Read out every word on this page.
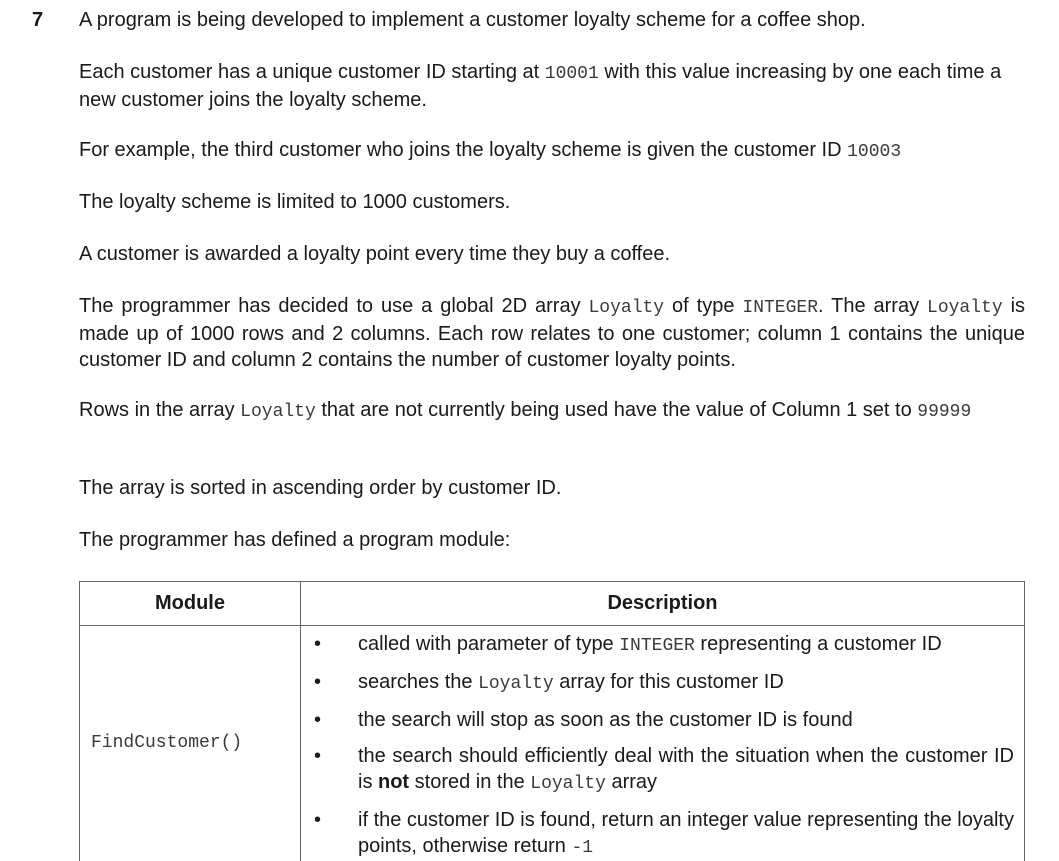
7 A program is being developed to implement a customer loyalty scheme for a coffee shop.

Each customer has a unique customer ID starting at 10001 with this value increasing by one each time a new customer joins the loyalty scheme.

For example, the third customer who joins the loyalty scheme is given the customer ID 10003

The loyalty scheme is limited to 1000 customers.

A customer is awarded a loyalty point every time they buy a coffee.

The programmer has decided to use a global 2D array Loyalty of type INTEGER. The array Loyalty is made up of 1000 rows and 2 columns. Each row relates to one customer; column 1 contains the unique customer ID and column 2 contains the number of customer loyalty points.

Rows in the array Loyalty that are not currently being used have the value of Column 1 set to 99999

The array is sorted in ascending order by customer ID.

The programmer has defined a program module:

Module	Description
FindCustomer()
• called with parameter of type INTEGER representing a customer ID
• searches the Loyalty array for this customer ID
• the search will stop as soon as the customer ID is found
• the search should efficiently deal with the situation when the customer ID is not stored in the Loyalty array
• if the customer ID is found, return an integer value representing the loyalty points, otherwise return -1
